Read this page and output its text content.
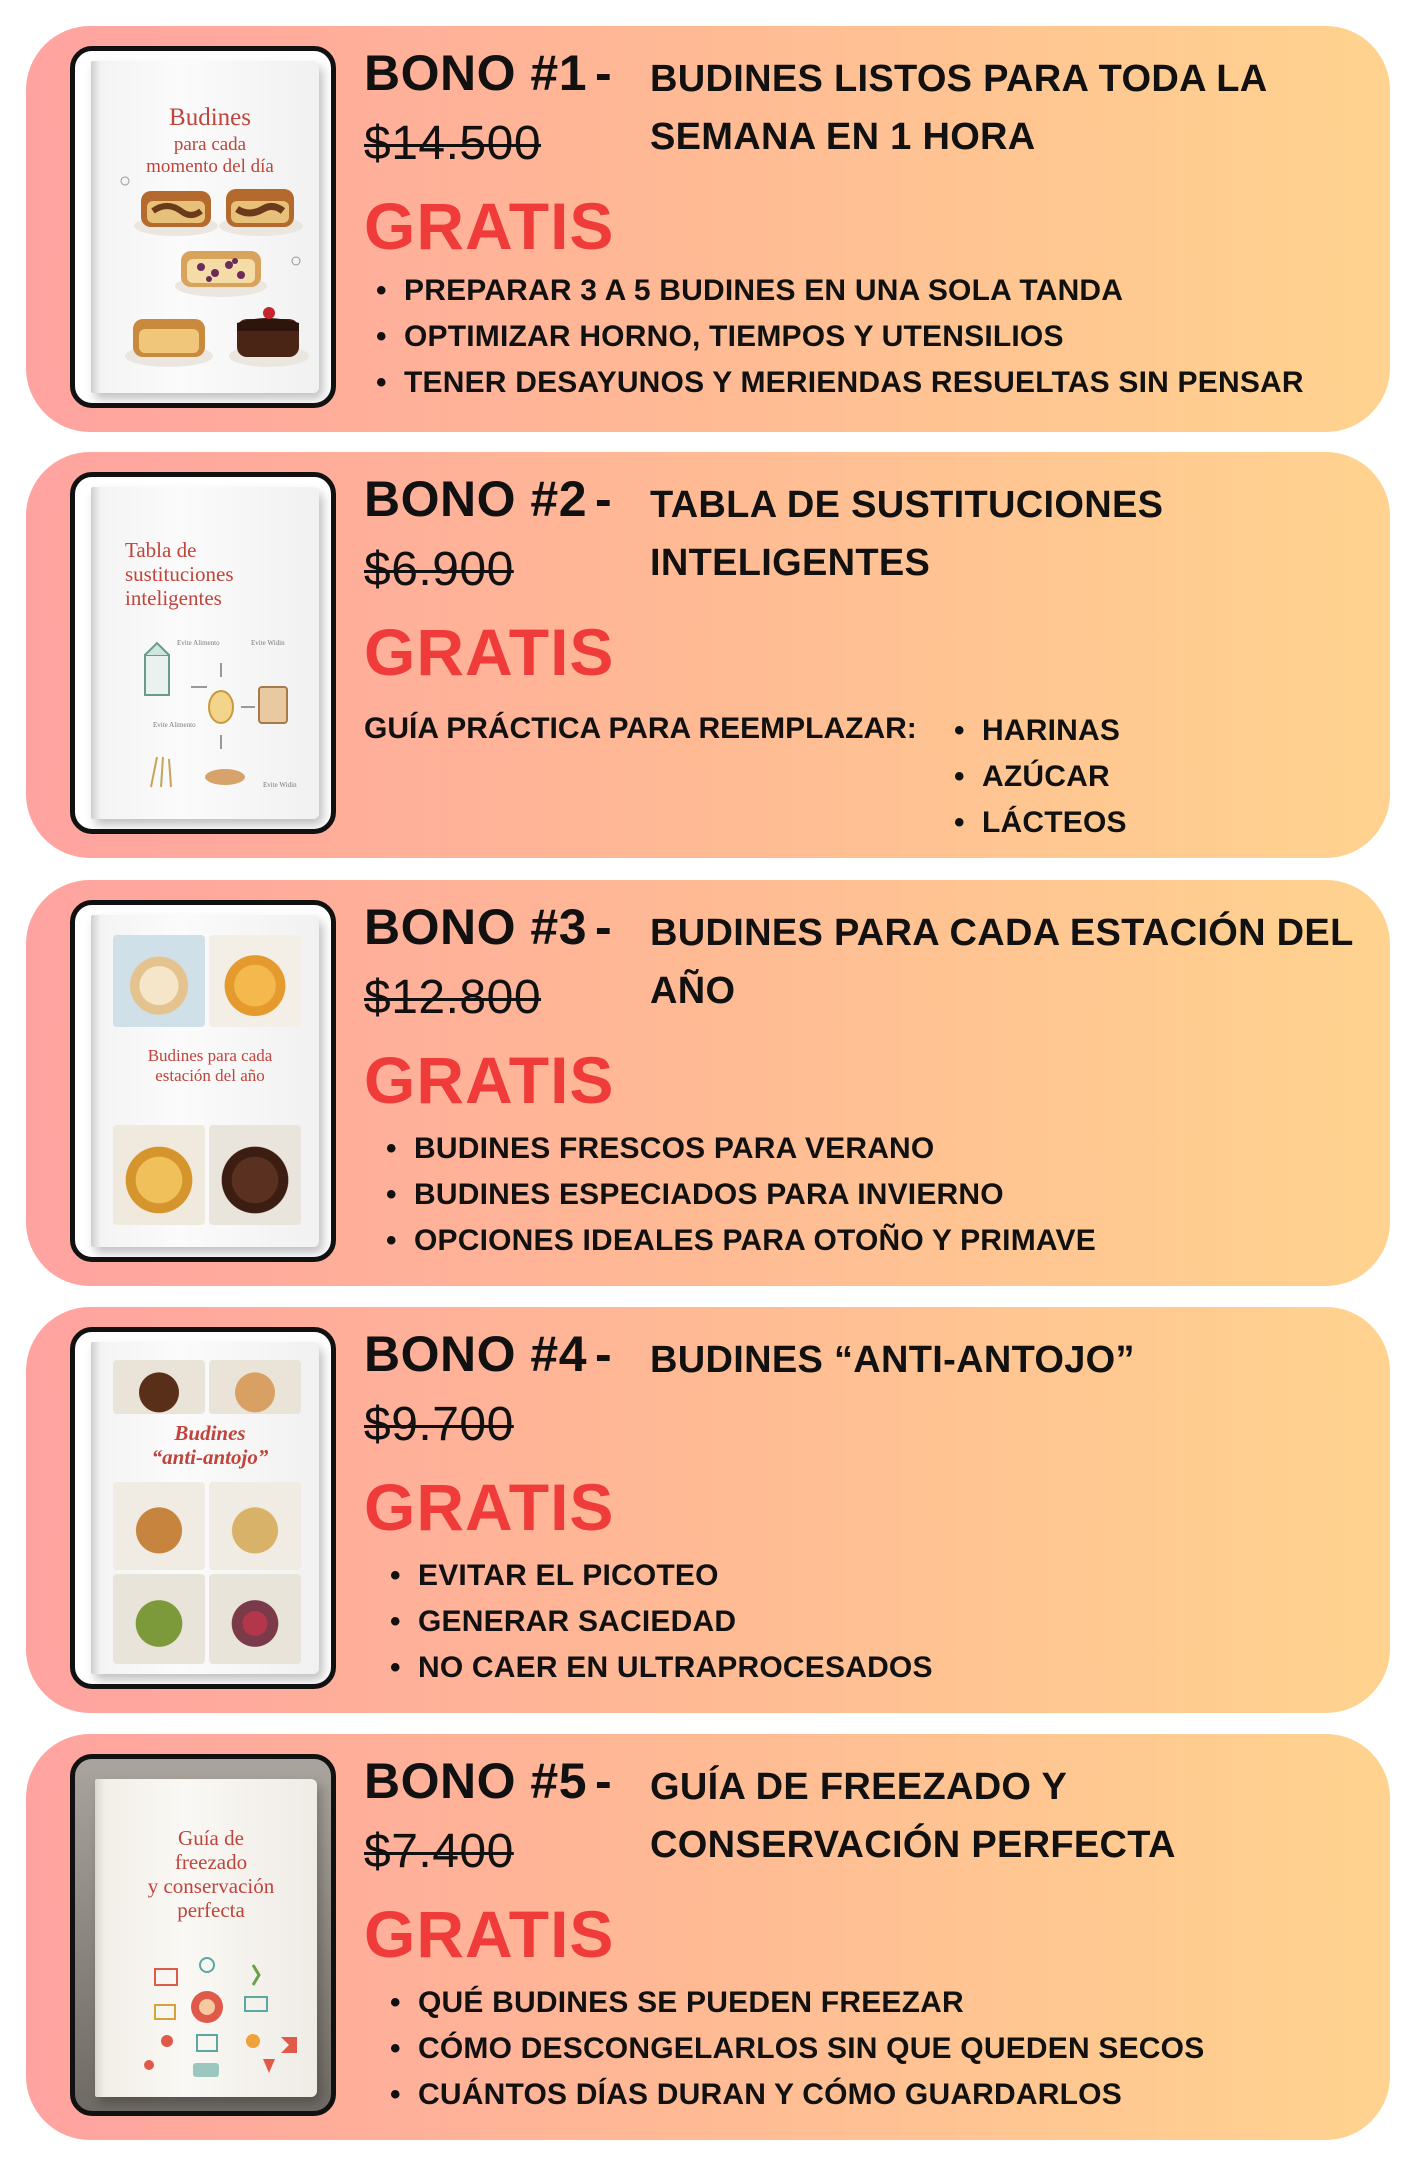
Budines
para cada
momento del día
BONO #1 - BUDINES LISTOS PARA TODA LA SEMANA EN 1 HORA
$14.500
GRATIS
• PREPARAR 3 A 5 BUDINES EN UNA SOLA TANDA
• OPTIMIZAR HORNO, TIEMPOS Y UTENSILIOS
• TENER DESAYUNOS Y MERIENDAS RESUELTAS SIN PENSAR
Tabla de
sustituciones
inteligentes
Evite Alimento	Evite Widin
Evite Alimento
Evite Widin
BONO #2 - TABLA DE SUSTITUCIONES INTELIGENTES
$6.900
GRATIS
GUÍA PRÁCTICA PARA REEMPLAZAR: • HARINAS
• AZÚCAR
• LÁCTEOS
Budines para cada
estación del año
BONO #3 - BUDINES PARA CADA ESTACIÓN DEL AÑO
$12.800
GRATIS
• BUDINES FRESCOS PARA VERANO
• BUDINES ESPECIADOS PARA INVIERNO
• OPCIONES IDEALES PARA OTOÑO Y PRIMAVE
Budines
“anti-antojo”
BONO #4 - BUDINES “ANTI-ANTOJO”
$9.700
GRATIS
• EVITAR EL PICOTEO
• GENERAR SACIEDAD
• NO CAER EN ULTRAPROCESADOS
Guía de
freezado
y conservación
perfecta
BONO #5 - GUÍA DE FREEZADO Y CONSERVACIÓN PERFECTA
$7.400
GRATIS
• QUÉ BUDINES SE PUEDEN FREEZAR
• CÓMO DESCONGELARLOS SIN QUE QUEDEN SECOS
• CUÁNTOS DÍAS DURAN Y CÓMO GUARDARLOS
